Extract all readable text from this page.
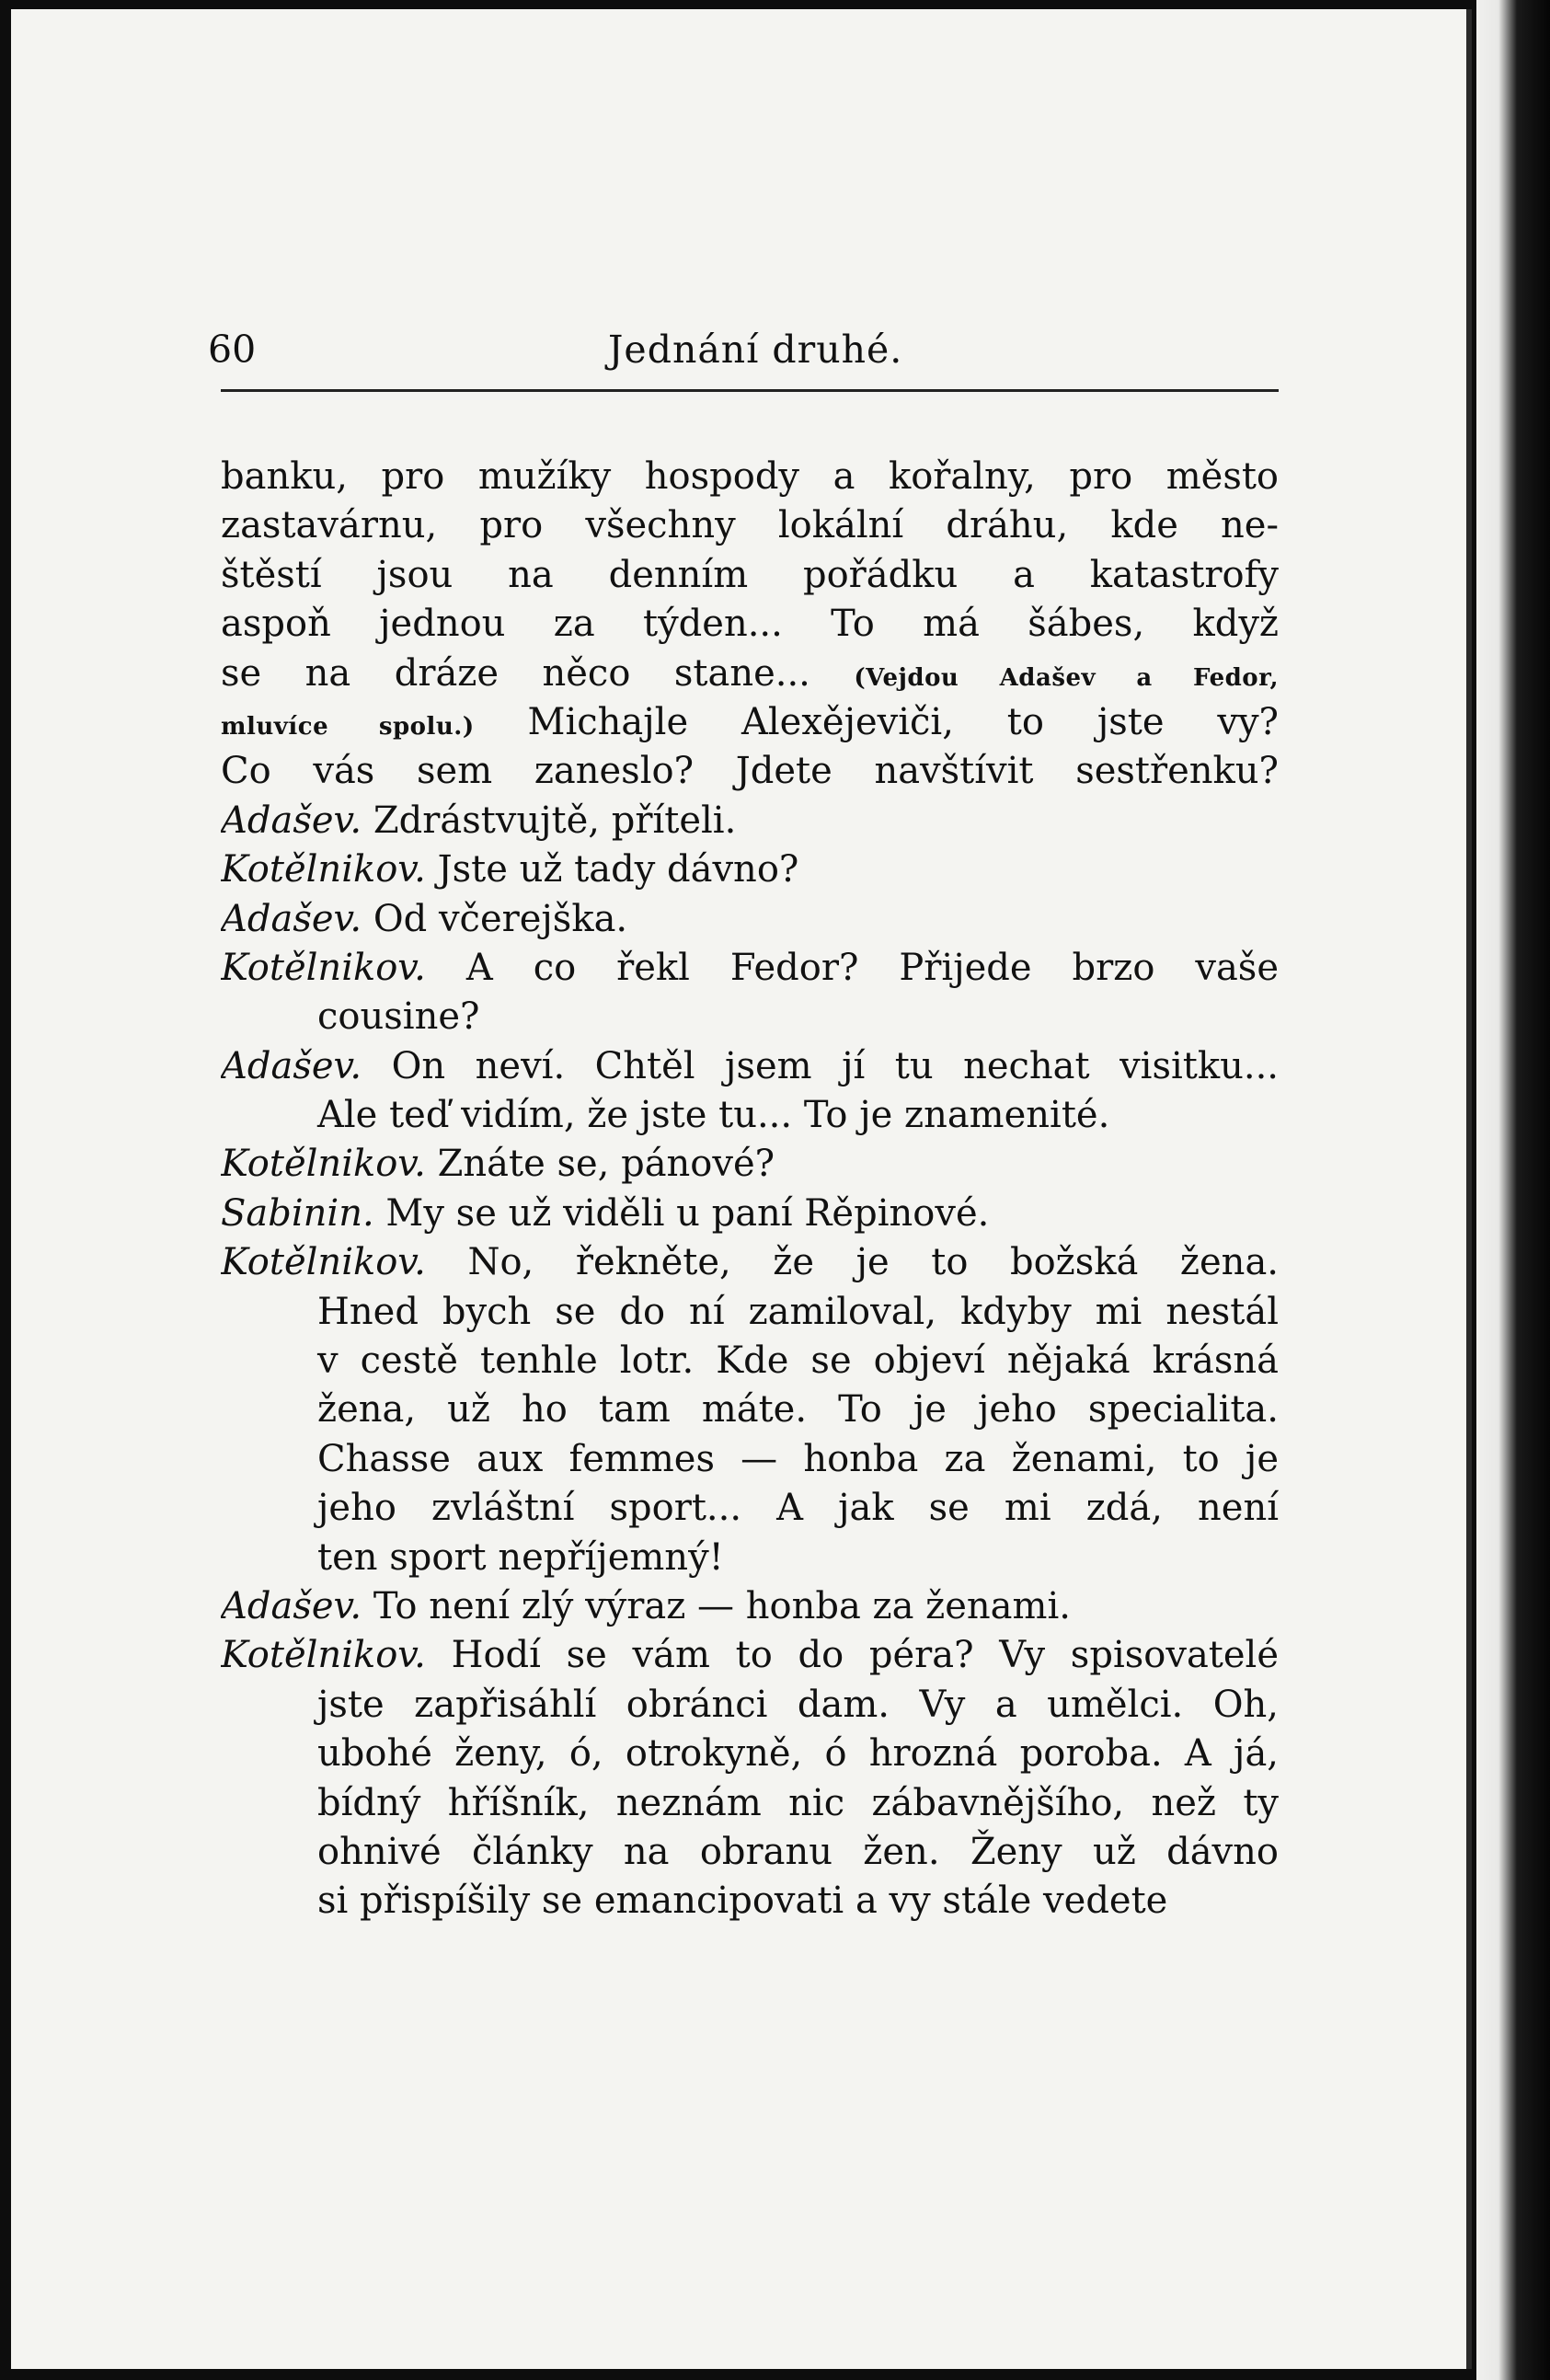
60	Jednání druhé.
banku, pro mužíky hospody a kořalny, pro město
zastavárnu, pro všechny lokální dráhu, kde ne-
štěstí jsou na denním pořádku a katastrofy
aspoň jednou za týden... To má šábes, když
se na dráze něco stane... (Vejdou Adašev a Fedor,
mluvíce spolu.) Michajle Alexějeviči, to jste vy?
Co vás sem zaneslo? Jdete navštívit sestřenku?
Adašev. Zdrástvujtě, příteli.
Kotělnikov. Jste už tady dávno?
Adašev. Od včerejška.
Kotělnikov. A co řekl Fedor? Přijede brzo vaše
cousine?
Adašev. On neví. Chtěl jsem jí tu nechat visitku...
Ale teď vidím, že jste tu... To je znamenité.
Kotělnikov. Znáte se, pánové?
Sabinin. My se už viděli u paní Rěpinové.
Kotělnikov. No, řekněte, že je to božská žena.
Hned bych se do ní zamiloval, kdyby mi nestál
v cestě tenhle lotr. Kde se objeví nějaká krásná
žena, už ho tam máte. To je jeho specialita.
Chasse aux femmes — honba za ženami, to je
jeho zvláštní sport... A jak se mi zdá, není
ten sport nepříjemný!
Adašev. To není zlý výraz — honba za ženami.
Kotělnikov. Hodí se vám to do péra? Vy spisovatelé
jste zapřisáhlí obránci dam. Vy a umělci. Oh,
ubohé ženy, ó, otrokyně, ó hrozná poroba. A já,
bídný hříšník, neznám nic zábavnějšího, než ty
ohnivé články na obranu žen. Ženy už dávno
si přispíšily se emancipovati a vy stále vedete
